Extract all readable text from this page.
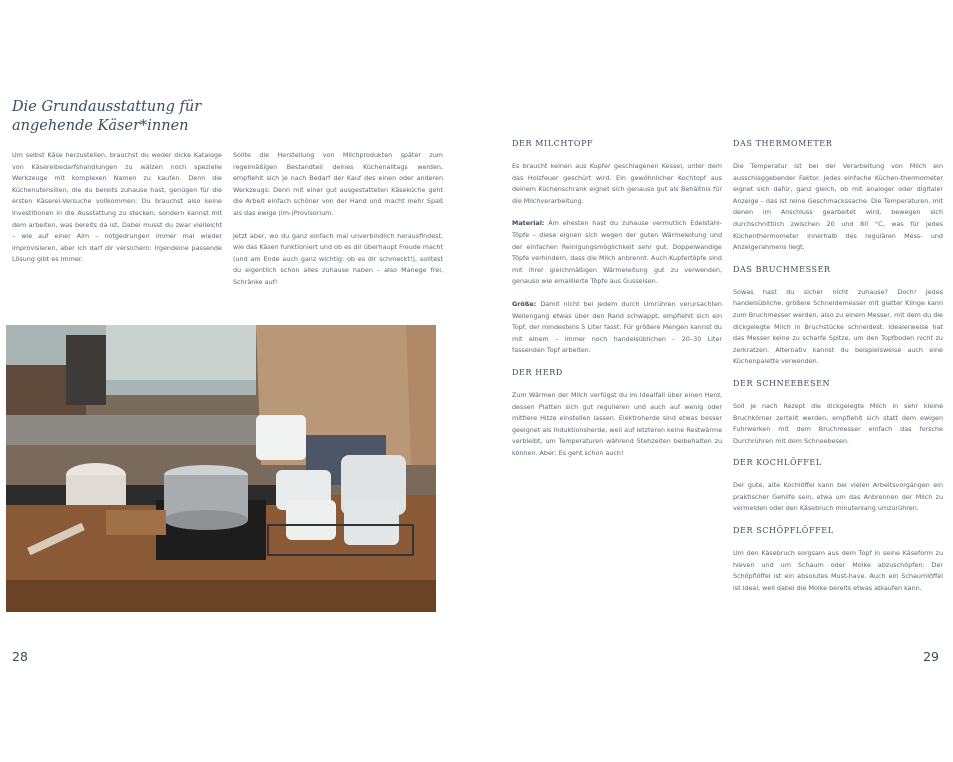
Die Grundausstattung für
angehende Käser*innen

Um selbst Käse herzustellen, brauchst du weder dicke Kataloge von Käsereibedarfshandlungen zu wälzen noch spezielle Werkzeuge mit komplexen Namen zu kaufen. Denn die Küchenutensilien, die du bereits zuhause hast, genügen für die ersten Käserei-Versuche vollkommen: Du brauchst also keine Investitionen in die Ausstattung zu stecken, sondern kannst mit dem arbeiten, was bereits da ist. Dabei musst du zwar vielleicht – wie auf einer Alm – notgedrungen immer mal wieder improvisieren, aber ich darf dir versichern: Irgendeine passende Lösung gibt es immer.

Sollte die Herstellung von Milchprodukten später zum regelmäßigen Bestandteil deines Küchenalltags werden, empfiehlt sich je nach Bedarf der Kauf des einen oder anderen Werkzeugs: Denn mit einer gut ausgestatteten Käseküche geht die Arbeit einfach schöner von der Hand und macht mehr Spaß als das ewige (Im-)Provisorium.

Jetzt aber, wo du ganz einfach mal unverbindlich herausfindest, wie das Käsen funktioniert und ob es dir überhaupt Freude macht (und am Ende auch ganz wichtig: ob es dir schmeckt!), solltest du eigentlich schon alles zuhause haben – also Manege frei, Schränke auf!

28
DER MILCHTOPF

Es braucht keinen aus Kupfer geschlagenen Kessel, unter dem das Holzfeuer geschürt wird. Ein gewöhnlicher Kochtopf aus deinem Küchenschrank eignet sich genauso gut als Behältnis für die Milchverarbeitung.

Material: Am ehesten hast du zuhause vermutlich Edelstahl-Töpfe – diese eignen sich wegen der guten Wärmeleitung und der einfachen Reinigungsmöglichkeit sehr gut. Doppelwandige Töpfe verhindern, dass die Milch anbrennt. Auch Kupfertöpfe sind mit ihrer gleichmäßigen Wärmeleitung gut zu verwenden, genauso wie emaillierte Töpfe aus Gusseisen.

Größe: Damit nicht bei jedem durch Umrühren verursachten Wellengang etwas über den Rand schwappt, empfiehlt sich ein Topf, der mindestens 5 Liter fasst. Für größere Mengen kannst du mit einem – immer noch handelsüblichen – 20–30 Liter fassenden Topf arbeiten.

DER HERD

Zum Wärmen der Milch verfügst du im Idealfall über einen Herd, dessen Platten sich gut regulieren und auch auf wenig oder mittlere Hitze einstellen lassen. Elektroherde sind etwas besser geeignet als Induktionsherde, weil auf letzteren keine Restwärme verbleibt, um Temperaturen während Stehzeiten beibehalten zu können. Aber: Es geht schon auch!

DAS THERMOMETER

Die Temperatur ist bei der Verarbeitung von Milch ein ausschlaggebender Faktor. Jedes einfache Küchen-thermometer eignet sich dafür, ganz gleich, ob mit analoger oder digitaler Anzeige – das ist reine Geschmackssache. Die Temperaturen, mit denen im Anschluss gearbeitet wird, bewegen sich durchschnittlich zwischen 20 und 80 °C, was für jedes Küchenthermometer innerhalb des regulären Mess- und Anzeigerahmens liegt.

DAS BRUCHMESSER

Sowas hast du sicher nicht zuhause? Doch! Jedes handelsübliche, größere Schneidemesser mit glatter Klinge kann zum Bruchmesser werden, also zu einem Messer, mit dem du die dickgelegte Milch in Bruchstücke schneidest. Idealerweise hat das Messer keine zu scharfe Spitze, um den Topfboden nicht zu zerkratzen. Alternativ kannst du beispielsweise auch eine Küchenpalette verwenden.

DER SCHNEEBESEN

Soll je nach Rezept die dickgelegte Milch in sehr kleine Bruchkörner zerteilt werden, empfiehlt sich statt dem ewigen Fuhrwerken mit dem Bruchmesser einfach das forsche Durchrühren mit dem Schneebesen.

DER KOCHLÖFFEL

Der gute, alte Kochlöffel kann bei vielen Arbeitsvorgängen ein praktischer Gehilfe sein, etwa um das Anbrennen der Milch zu vermeiden oder den Käsebruch minutenlang umzurühren.

DER SCHÖPFLÖFFEL

Um den Käsebruch sorgsam aus dem Topf in seine Käseform zu hieven und um Schaum oder Molke abzuschöpfen: Der Schöpflöffel ist ein absolutes Must-have. Auch ein Schaumlöffel ist ideal, weil dabei die Molke bereits etwas ablaufen kann.

29
